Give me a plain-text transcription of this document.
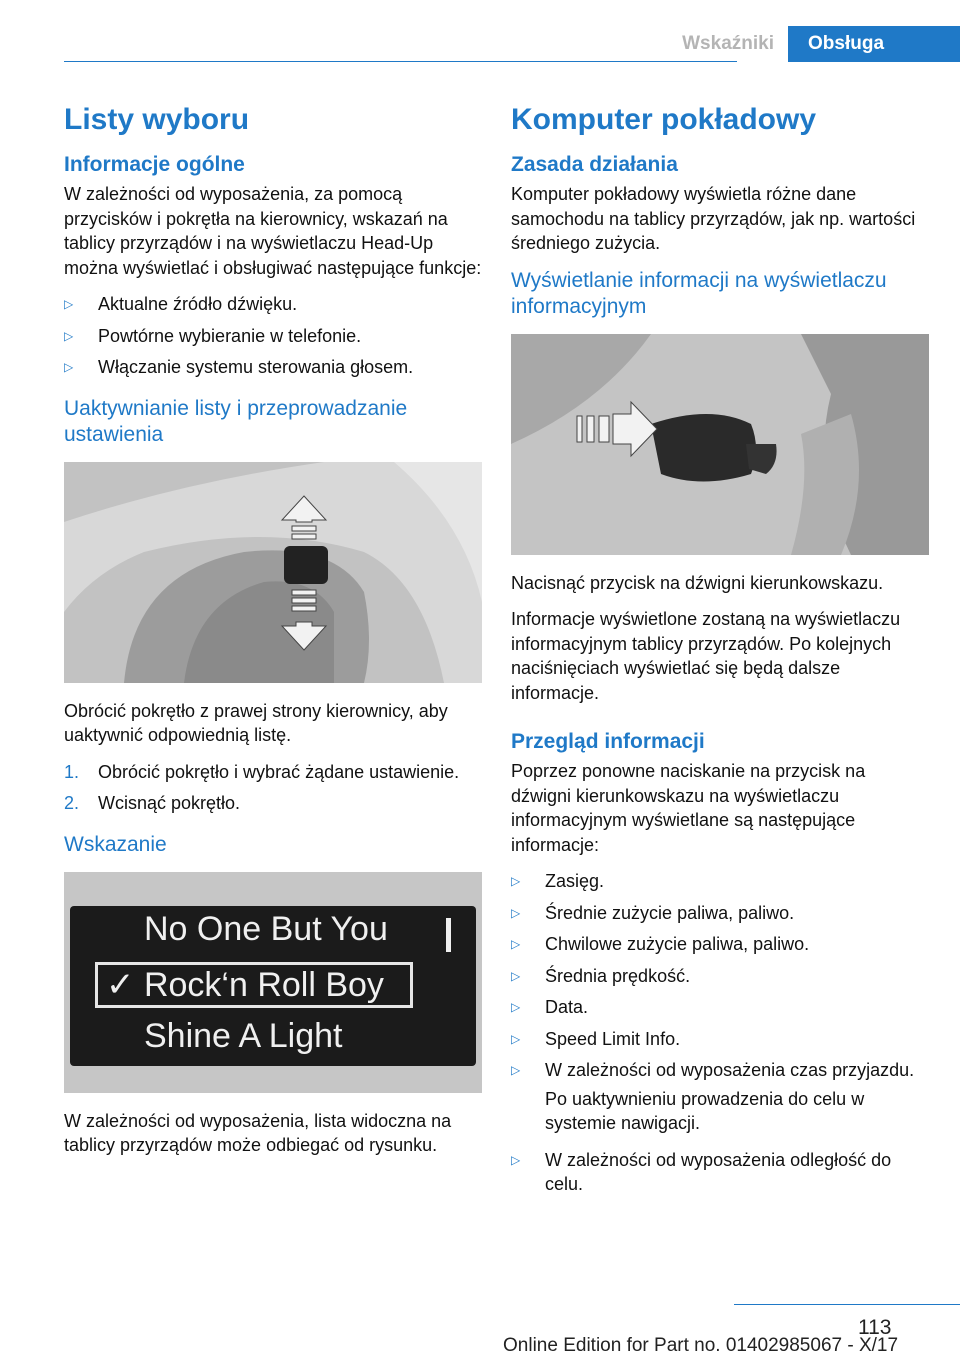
Wskaźniki	Obsługa
Listy wyboru
Informacje ogólne

W zależności od wyposażenia, za pomocą przycisków i pokrętła na kierownicy, wskazań na tablicy przyrządów i na wyświetlaczu Head-Up można wyświetlać i obsługiwać następujące funkcje:

▷	Aktualne źródło dźwięku.
▷	Powtórne wybieranie w telefonie.
▷	Włączanie systemu sterowania głosem.
Uaktywnianie listy i przeprowadzanie ustawienia

Obrócić pokrętło z prawej strony kierownicy, aby uaktywnić odpowiednią listę.

1.	Obrócić pokrętło i wybrać żądane ustawienie.
2.	Wcisnąć pokrętło.
Wskazanie
No One But You
✓ Rock‘n Roll Boy
Shine A Light

W zależności od wyposażenia, lista widoczna na tablicy przyrządów może odbiegać od rysunku.

Komputer pokładowy
Zasada działania

Komputer pokładowy wyświetla różne dane samochodu na tablicy przyrządów, jak np. wartości średniego zużycia.

Wyświetlanie informacji na wyświetlaczu informacyjnym

Nacisnąć przycisk na dźwigni kierunkowskazu.

Informacje wyświetlone zostaną na wyświetlaczu informacyjnym tablicy przyrządów. Po kolejnych naciśnięciach wyświetlać się będą dalsze informacje.

Przegląd informacji

Poprzez ponowne naciskanie na przycisk na dźwigni kierunkowskazu na wyświetlaczu informacyjnym wyświetlane są następujące informacje:

▷	Zasięg.
▷	Średnie zużycie paliwa, paliwo.
▷	Chwilowe zużycie paliwa, paliwo.
▷	Średnia prędkość.
▷	Data.
▷	Speed Limit Info.
▷	W zależności od wyposażenia czas przyjazdu.

Po uaktywnieniu prowadzenia do celu w systemie nawigacji.

▷	W zależności od wyposażenia odległość do celu.
113
Online Edition for Part no. 01402985067 - X/17
